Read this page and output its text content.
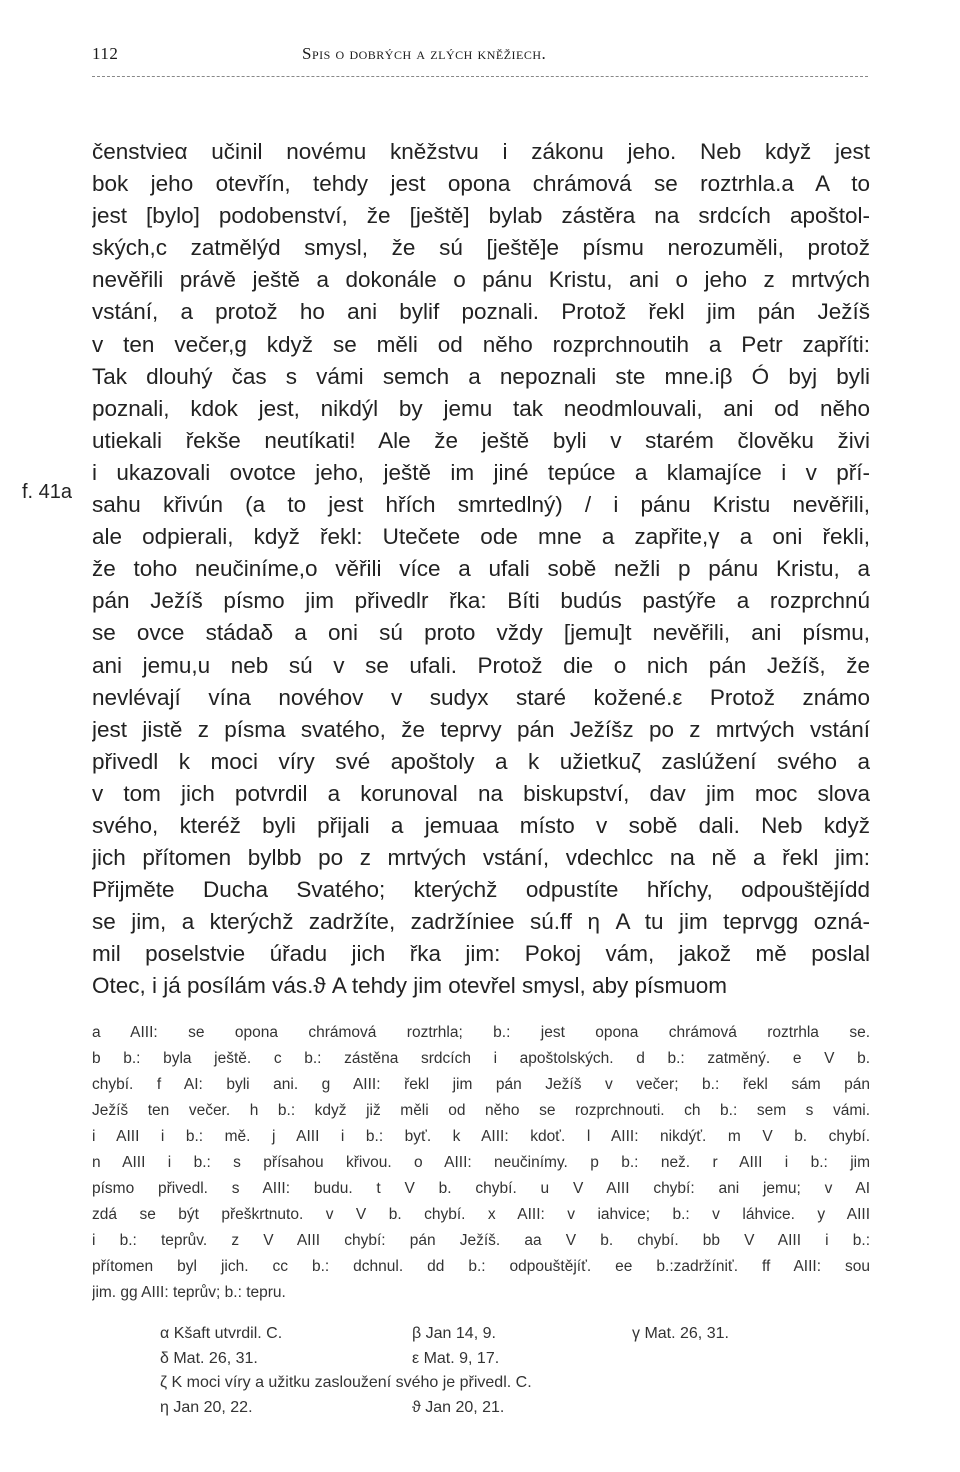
112	Spis o dobrých a zlých kněžiech.
f. 41a
čenstvieα učinil novému kněžstvu i zákonu jeho. Neb když jest
bok jeho otevřín, tehdy jest opona chrámová se roztrhla.a A to
jest [bylo] podobenství, že [ještě] bylab zástěra na srdcích apoštol-
ských,c zatmělýd smysl, že sú [ještě]e písmu nerozuměli, protož
nevěřili právě ještě a dokonále o pánu Kristu, ani o jeho z mrtvých
vstání, a protož ho ani bylif poznali. Protož řekl jim pán Ježíš
v ten večer,g když se měli od něho rozprchnoutih a Petr zapříti:
Tak dlouhý čas s vámi semch a nepoznali ste mne.iβ Ó byj byli
poznali, kdok jest, nikdýl by jemu tak neodmlouvali, ani od něho
utiekali řekše neutíkati! Ale že ještě byli v starém člověku živi
i ukazovali ovotce jeho, ještě im jiné tepúce a klamajíce i v pří-
sahu křivún (a to jest hřích smrtedlný) / i pánu Kristu nevěřili,
ale odpierali, když řekl: Utečete ode mne a zapřite,γ a oni řekli,
že toho neučiníme,o věřili více a ufali sobě nežli p pánu Kristu, a
pán Ježíš písmo jim přivedlr řka: Bíti budús pastýře a rozprchnú
se ovce stádaδ a oni sú proto vždy [jemu]t nevěřili, ani písmu,
ani jemu,u neb sú v se ufali. Protož die o nich pán Ježíš, že
nevlévají vína novéhov v sudyx staré kožené.ε Protož známo
jest jistě z písma svatého, že teprvy pán Ježíšz po z mrtvých vstání
přivedl k moci víry své apoštoly a k užietkuζ zaslúžení svého a
v tom jich potvrdil a korunoval na biskupství, dav jim moc slova
svého, kteréž byli přijali a jemuaa místo v sobě dali. Neb když
jich přítomen bylbb po z mrtvých vstání, vdechlcc na ně a řekl jim:
Přijměte Ducha Svatého; kterýchž odpustíte hříchy, odpouštějídd
se jim, a kterýchž zadržíte, zadržíniee sú.ff η A tu jim teprvgg ozná-
mil poselstvie úřadu jich řka jim: Pokoj vám, jakož mě poslal
Otec, i já posílám vás.ϑ A tehdy jim otevřel smysl, aby písmuom
a AIII: se opona chrámová roztrhla; b.: jest opona chrámová roztrhla se.
b b.: byla ještě. c b.: zástěna srdcích i apoštolských. d b.: zatměný. e V b.
chybí. f AI: byli ani. g AIII: řekl jim pán Ježíš v večer; b.: řekl sám pán
Ježíš ten večer. h b.: když již měli od něho se rozprchnouti. ch b.: sem s vámi.
i AIII i b.: mě. j AIII i b.: byť. k AIII: kdoť. l AIII: nikdýť. m V b. chybí.
n AIII i b.: s přísahou křivou. o AIII: neučinímy. p b.: než. r AIII i b.: jim
písmo přivedl. s AIII: budu. t V b. chybí. u V AIII chybí: ani jemu; v AI
zdá se být přeškrtnuto. v V b. chybí. x AIII: v iahvice; b.: v láhvice. y AIII
i b.: teprův. z V AIII chybí: pán Ježíš. aa V b. chybí. bb V AIII i b.:
přítomen byl jich. cc b.: dchnul. dd b.: odpouštějíť. ee b.:zadržíniť. ff AIII: sou
jim. gg AIII: teprův; b.: tepru.
α Kšaft utvrdil. C.	β Jan 14, 9.	γ Mat. 26, 31.
δ Mat. 26, 31.	ε Mat. 9, 17.
ζ K moci víry a užitku zasloužení svého je přivedl. C.
η Jan 20, 22.	ϑ Jan 20, 21.
